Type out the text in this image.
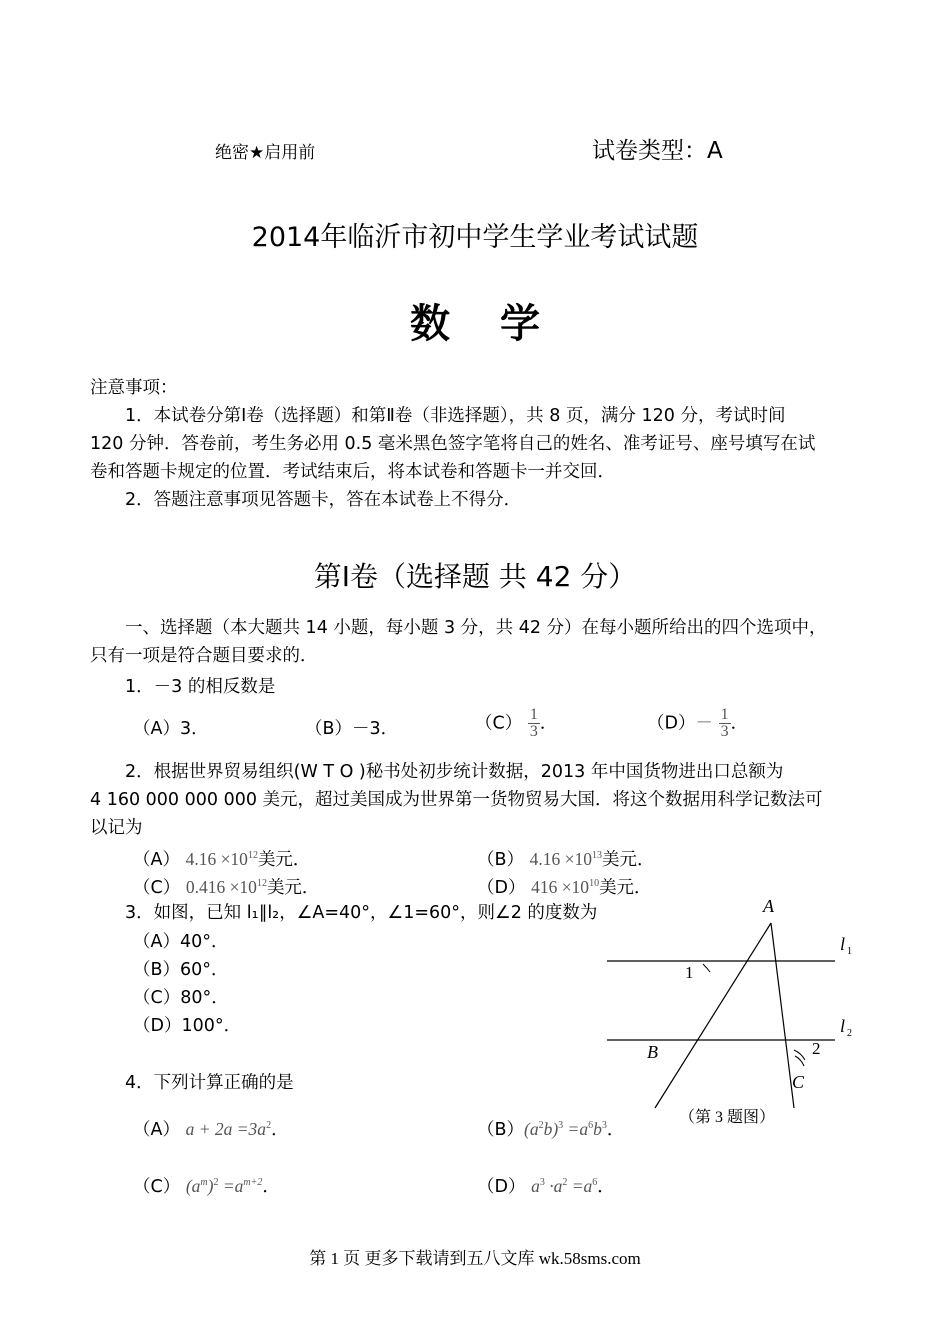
绝密★启用前	试卷类型：A
2014年临沂市初中学生学业考试试题
数学
注意事项：
1．本试卷分第Ⅰ卷（选择题）和第Ⅱ卷（非选择题），共 8 页，满分 120 分，考试时间
120 分钟．答卷前，考生务必用 0.5 毫米黑色签字笔将自己的姓名、准考证号、座号填写在试
卷和答题卡规定的位置．考试结束后，将本试卷和答题卡一并交回．
2．答题注意事项见答题卡，答在本试卷上不得分．
第Ⅰ卷（选择题 共 42 分）
一、选择题（本大题共 14 小题，每小题 3 分，共 42 分）在每小题所给出的四个选项中，
只有一项是符合题目要求的．
1．－3 的相反数是
（A）3．	（B）－3．	$(C) \frac{1}{3}$ ．	$(D)- \frac{1}{3}$ ．
2．根据世界贸易组织(W T O )秘书处初步统计数据，2013 年中国货物进出口总额为
4 160 000 000 000 美元，超过美国成为世界第一货物贸易大国．将这个数据用科学记数法可
以记为
（A） $4.16 \times 10^{12}$美元．	（B） $4.16 \times 10^{13}$美元．
（C） $0.416 \times 10^{12}$美元．	（D） $416 \times 10^{10}$美元．
3．如图，已知 l₁∥l₂，∠A=40°，∠1=60°，则∠2 的度数为
（A）40°．
（B）60°．
（C）80°．
（D）100°．
A
B
C
1
2
l 1
l 2
（第 3 题图）
4．下列计算正确的是
（A） $a + 2a =3a^2$．	$(B)(a^2b)^3 =a^6b^3$．
（C） $(a^m)^2 =a^{m+2}$．	（D） $a^3 \cdot a^2 =a^6$．
第 1 页 更多下载请到五八文库 wk.58sms.com
